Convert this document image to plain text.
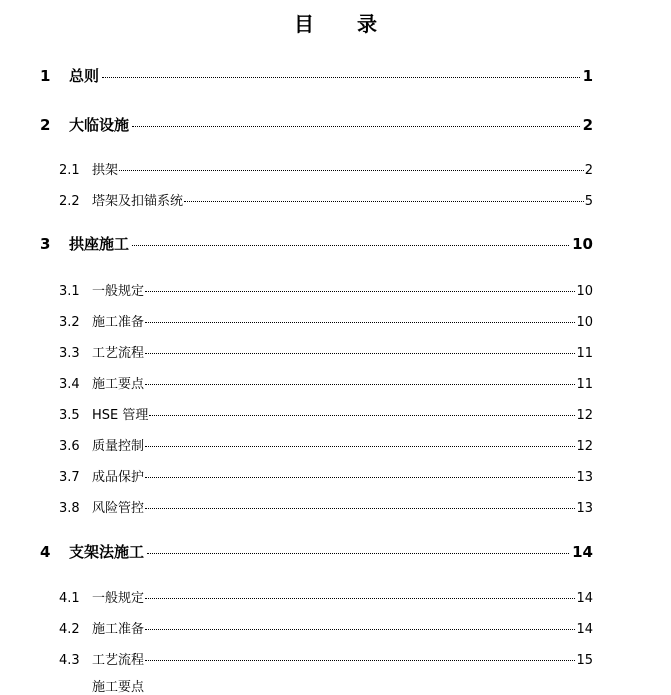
目 录
1	总则	1
2	大临设施	2
2.1 拱架	2
2.2 塔架及扣锚系统	5
3	拱座施工	10
3.1 一般规定	10
3.2 施工准备	10
3.3 工艺流程	11
3.4 施工要点	11
3.5 HSE 管理	12
3.6 质量控制	12
3.7 成品保护	13
3.8 风险管控	13
4	支架法施工	14
4.1 一般规定	14
4.2 施工准备	14
4.3 工艺流程	15
施工要点
